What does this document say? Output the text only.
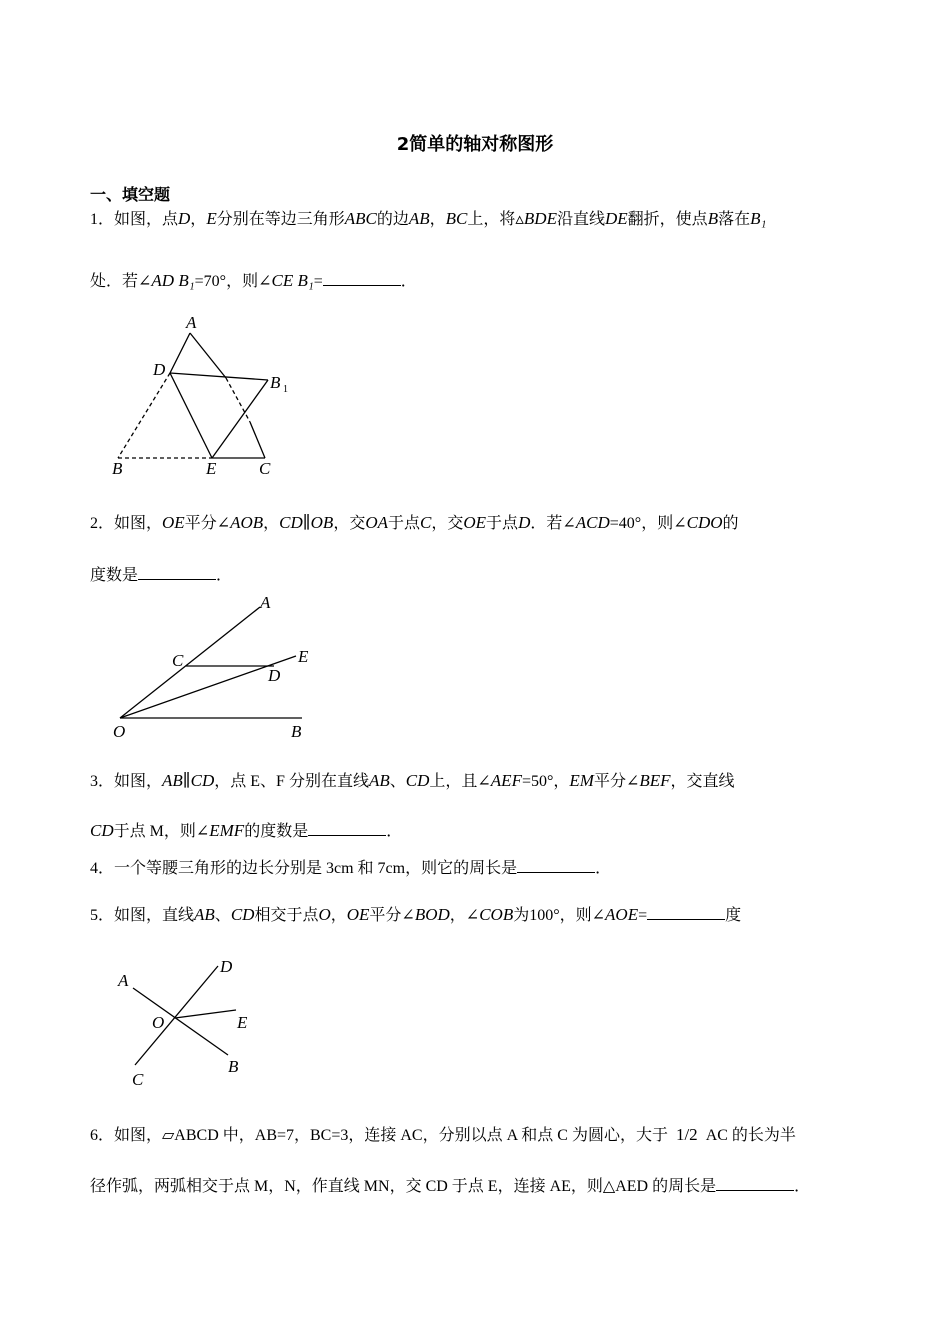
2简单的轴对称图形
一、填空题
1．如图，点D，E分别在等边三角形ABC的边AB，BC上，将▵BDE沿直线DE翻折，使点B落在B₁
处．若∠AD B₁=70°，则∠CE B₁=	．
2．如图，OE平分∠AOB，CD∥OB，交OA于点C，交OE于点D．若∠ACD=40°，则∠CDO的
度数是	．
3．如图，AB∥CD，点 E、F 分别在直线AB、CD上，且∠AEF=50°，EM平分∠BEF，交直线
CD于点 M，则∠EMF的度数是	．
4．一个等腰三角形的边长分别是 3cm 和 7cm，则它的周长是	．
5．如图，直线AB、CD相交于点O，OE平分∠BOD，∠COB为100°，则∠AOE=	度
6．如图，▱ABCD 中，AB=7，BC=3，连接 AC，分别以点 A 和点 C 为圆心，大于 1/2 AC 的长为半
径作弧，两弧相交于点 M，N，作直线 MN，交 CD 于点 E，连接 AE，则△AED 的周长是	．
A
D
B 1
B	E	C
A
E
C
D
O	B
A
D
O	E
B
C
